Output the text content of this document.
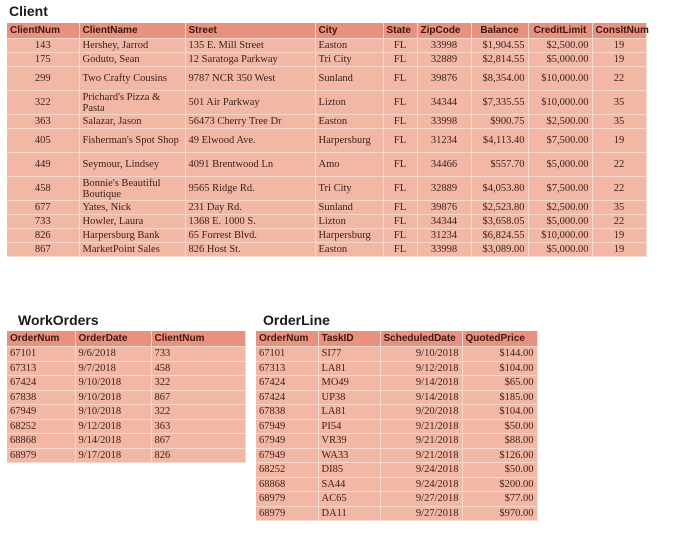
Client
ClientNum	ClientName	Street	City	State	ZipCode	Balance	CreditLimit	ConsltNum
143	Hershey, Jarrod	135 E. Mill Street	Easton	FL	33998	$1,904.55	$2,500.00	19
175	Goduto, Sean	12 Saratoga Parkway	Tri City	FL	32889	$2,814.55	$5,000.00	19
299	Two Crafty Cousins	9787 NCR 350 West	Sunland	FL	39876	$8,354.00	$10,000.00	22
322	Prichard's Pizza & Pasta	501 Air Parkway	Lizton	FL	34344	$7,335.55	$10,000.00	35
363	Salazar, Jason	56473 Cherry Tree Dr	Easton	FL	33998	$900.75	$2,500.00	35
405	Fisherman's Spot Shop	49 Elwood Ave.	Harpersburg	FL	31234	$4,113.40	$7,500.00	19
449	Seymour, Lindsey	4091 Brentwood Ln	Amo	FL	34466	$557.70	$5,000.00	22
458	Bonnie's Beautiful Boutique	9565 Ridge Rd.	Tri City	FL	32889	$4,053.80	$7,500.00	22
677	Yates, Nick	231 Day Rd.	Sunland	FL	39876	$2,523.80	$2,500.00	35
733	Howler, Laura	1368 E. 1000 S.	Lizton	FL	34344	$3,658.05	$5,000.00	22
826	Harpersburg Bank	65 Forrest Blvd.	Harpersburg	FL	31234	$6,824.55	$10,000.00	19
867	MarketPoint Sales	826 Host St.	Easton	FL	33998	$3,089.00	$5,000.00	19
WorkOrders
OrderNum	OrderDate	ClientNum
67101	9/6/2018	733
67313	9/7/2018	458
67424	9/10/2018	322
67838	9/10/2018	867
67949	9/10/2018	322
68252	9/12/2018	363
68868	9/14/2018	867
68979	9/17/2018	826
OrderLine
OrderNum	TaskID	ScheduledDate	QuotedPrice
67101	SI77	9/10/2018	$144.00
67313	LA81	9/12/2018	$104.00
67424	MO49	9/14/2018	$65.00
67424	UP38	9/14/2018	$185.00
67838	LA81	9/20/2018	$104.00
67949	PI54	9/21/2018	$50.00
67949	VR39	9/21/2018	$88.00
67949	WA33	9/21/2018	$126.00
68252	DI85	9/24/2018	$50.00
68868	SA44	9/24/2018	$200.00
68979	AC65	9/27/2018	$77.00
68979	DA11	9/27/2018	$970.00
